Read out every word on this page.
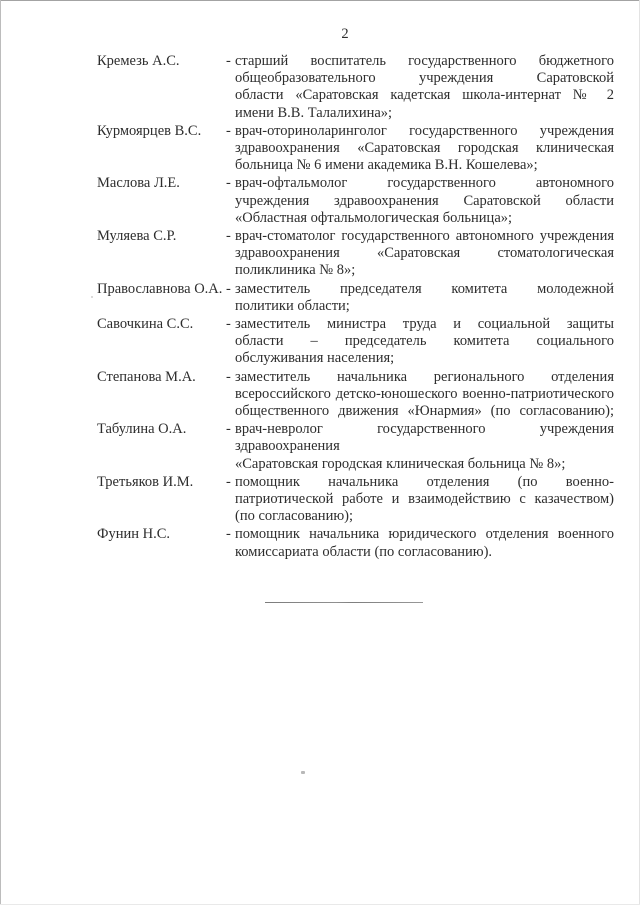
2
Кремезь А.С.	- старший воспитатель государственного бюджетного
общеобразовательного учреждения Саратовской
области «Саратовская кадетская школа-интернат № 2
имени В.В. Талалихина»;
Курмоярцев В.С.	- врач-оториноларинголог государственного учреждения
здравоохранения «Саратовская городская клиническая
больница № 6 имени академика В.Н. Кошелева»;
Маслова Л.Е.	- врач-офтальмолог государственного автономного
учреждения здравоохранения Саратовской области
«Областная офтальмологическая больница»;
Муляева С.Р.	- врач-стоматолог государственного автономного учреждения
здравоохранения «Саратовская стоматологическая
поликлиника № 8»;
Православнова О.А. - заместитель председателя комитета молодежной
политики области;
Савочкина С.С.	- заместитель министра труда и социальной защиты
области – председатель комитета социального
обслуживания населения;
Степанова М.А.	- заместитель начальника регионального отделения
всероссийского детско-юношеского военно-патриотического
общественного движения «Юнармия» (по согласованию);
Табулина О.А.	- врач-невролог государственного учреждения здравоохранения
«Саратовская городская клиническая больница № 8»;
Третьяков И.М.	- помощник начальника отделения (по военно-
патриотической работе и взаимодействию с казачеством)
(по согласованию);
Фунин Н.С.	- помощник начальника юридического отделения военного
комиссариата области (по согласованию).
